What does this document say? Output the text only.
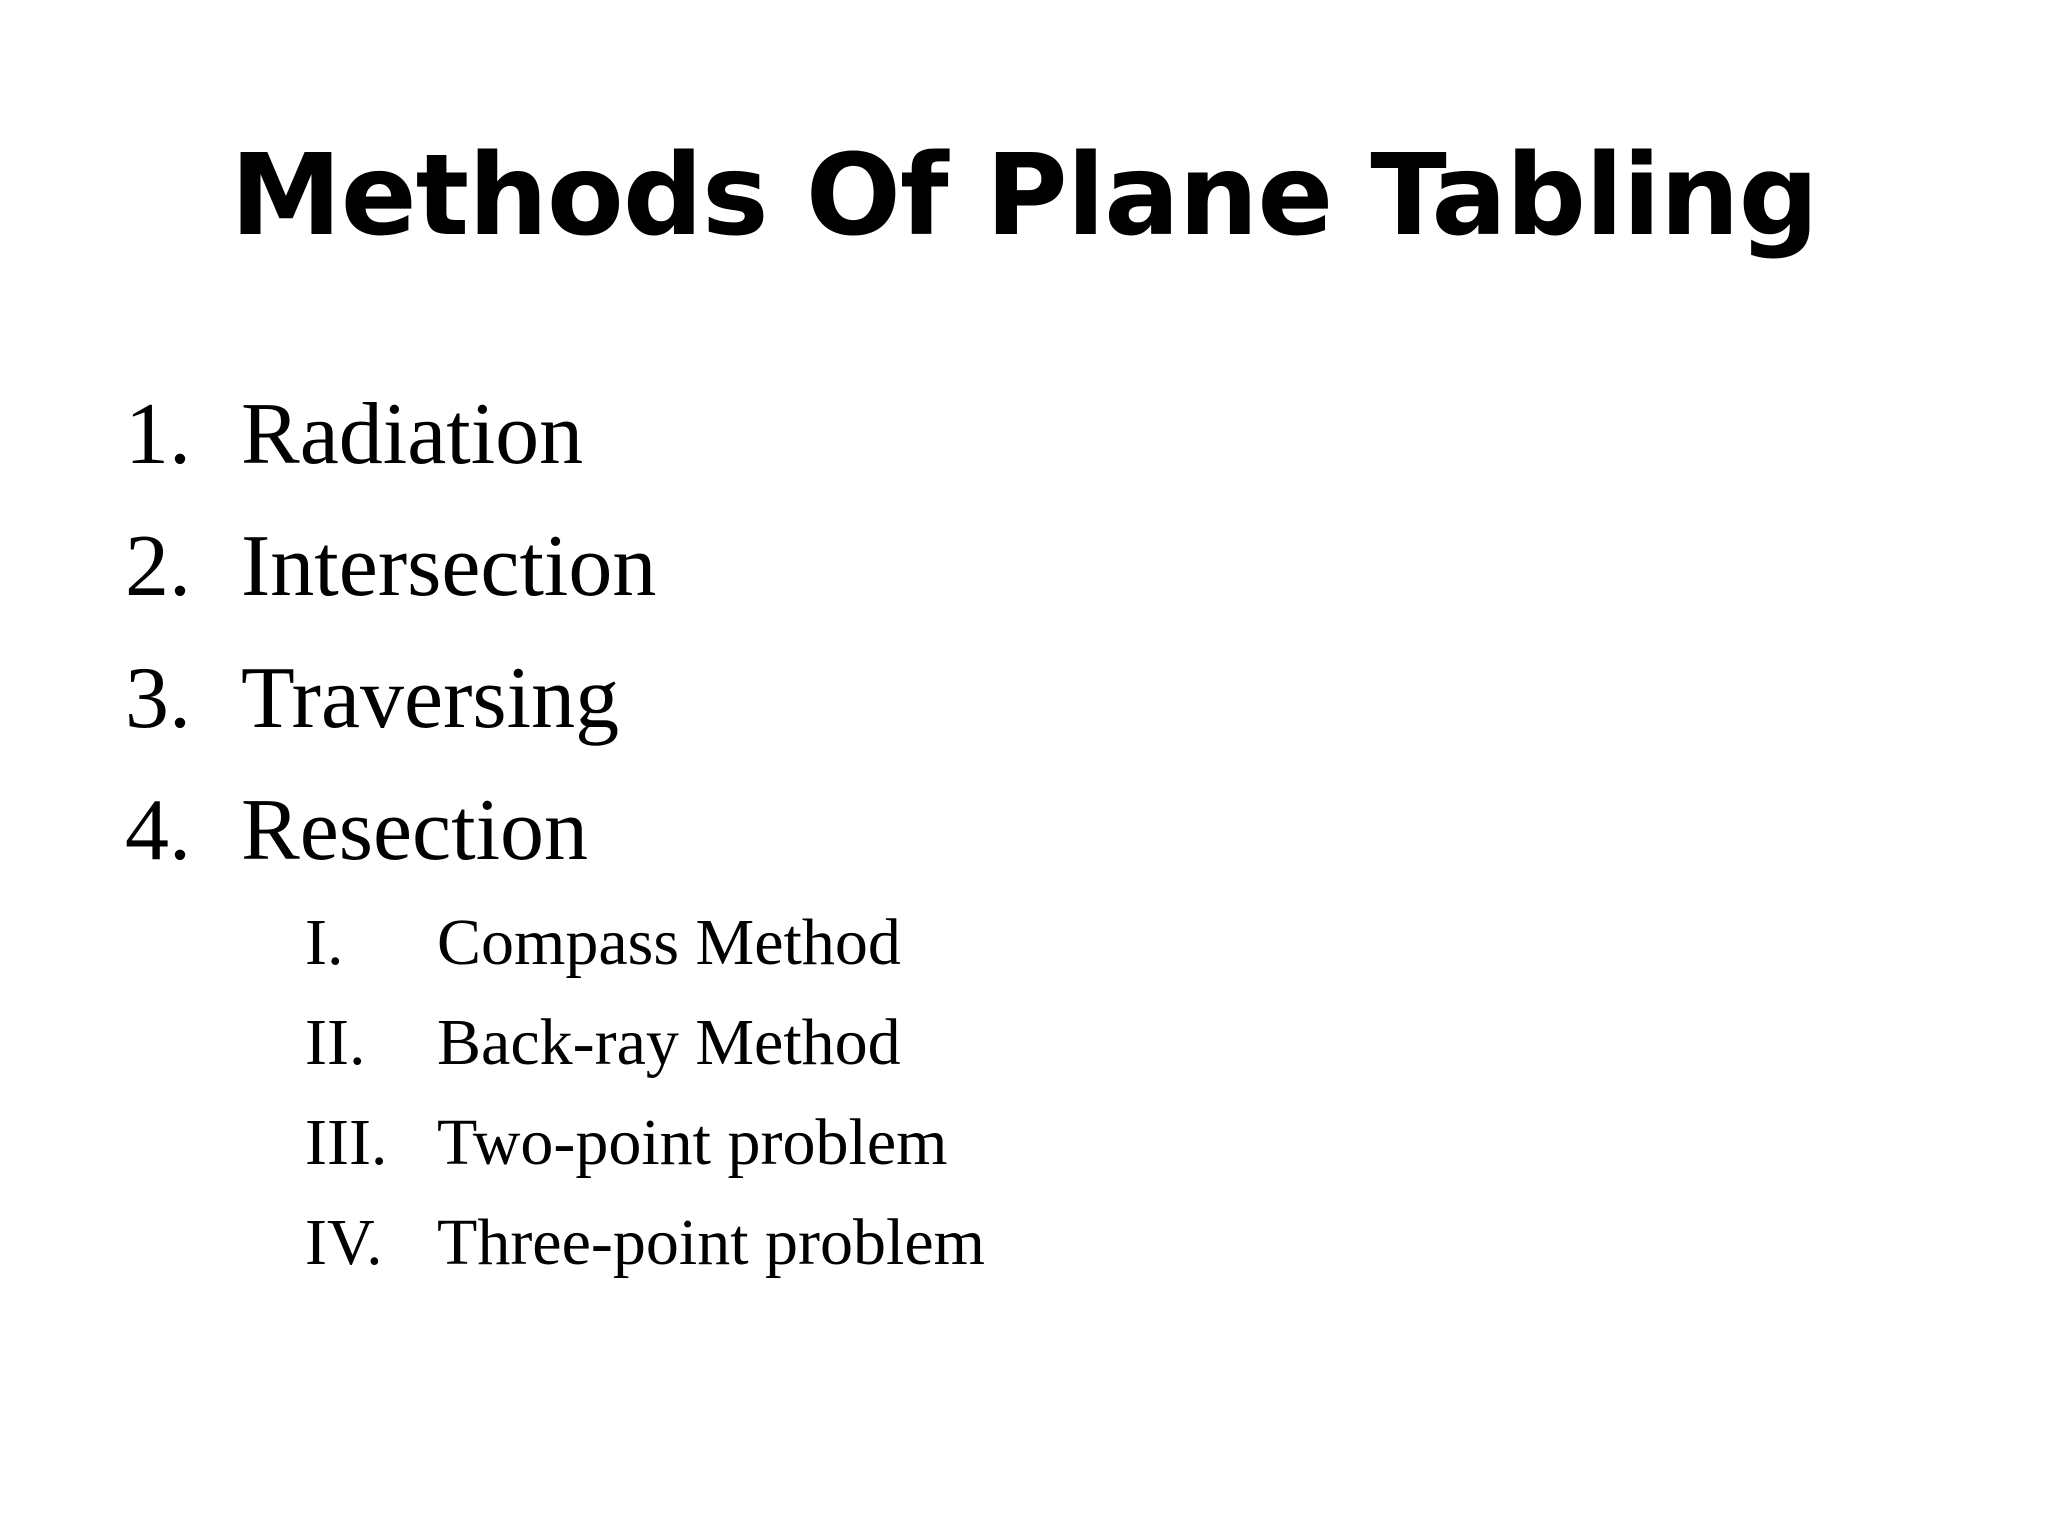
Methods Of Plane Tabling
1. Radiation
2. Intersection
3. Traversing
4. Resection
I. Compass Method
II. Back-ray Method
III. Two-point problem
IV. Three-point problem
